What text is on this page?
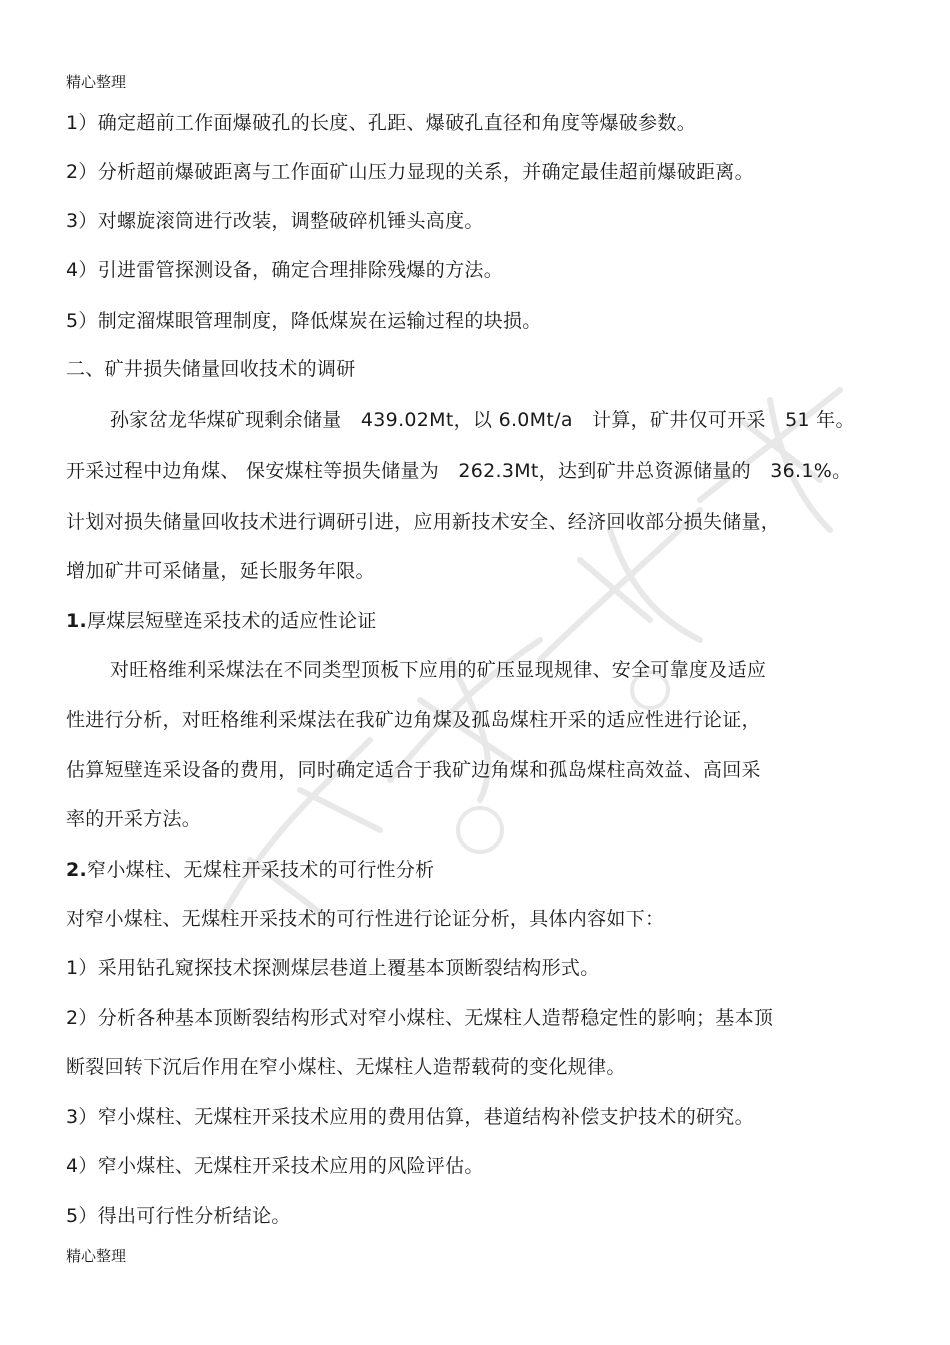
精心整理
1）确定超前工作面爆破孔的长度、孔距、爆破孔直径和角度等爆破参数。
2）分析超前爆破距离与工作面矿山压力显现的关系，并确定最佳超前爆破距离。
3）对螺旋滚筒进行改装，调整破碎机锤头高度。
4）引进雷管探测设备，确定合理排除残爆的方法。
5）制定溜煤眼管理制度，降低煤炭在运输过程的块损。
二、矿井损失储量回收技术的调研
孙家岔龙华煤矿现剩余储量　439.02Mt，以 6.0Mt/a　计算，矿井仅可开采　51 年。
开采过程中边角煤、 保安煤柱等损失储量为　262.3Mt，达到矿井总资源储量的　36.1%。
计划对损失储量回收技术进行调研引进，应用新技术安全、经济回收部分损失储量，
增加矿井可采储量，延长服务年限。
1.厚煤层短壁连采技术的适应性论证
对旺格维利采煤法在不同类型顶板下应用的矿压显现规律、安全可靠度及适应
性进行分析，对旺格维利采煤法在我矿边角煤及孤岛煤柱开采的适应性进行论证，
估算短壁连采设备的费用，同时确定适合于我矿边角煤和孤岛煤柱高效益、高回采
率的开采方法。
2.窄小煤柱、无煤柱开采技术的可行性分析
对窄小煤柱、无煤柱开采技术的可行性进行论证分析，具体内容如下：
1）采用钻孔窥探技术探测煤层巷道上覆基本顶断裂结构形式。
2）分析各种基本顶断裂结构形式对窄小煤柱、无煤柱人造帮稳定性的影响；基本顶
断裂回转下沉后作用在窄小煤柱、无煤柱人造帮载荷的变化规律。
3）窄小煤柱、无煤柱开采技术应用的费用估算，巷道结构补偿支护技术的研究。
4）窄小煤柱、无煤柱开采技术应用的风险评估。
5）得出可行性分析结论。
精心整理
